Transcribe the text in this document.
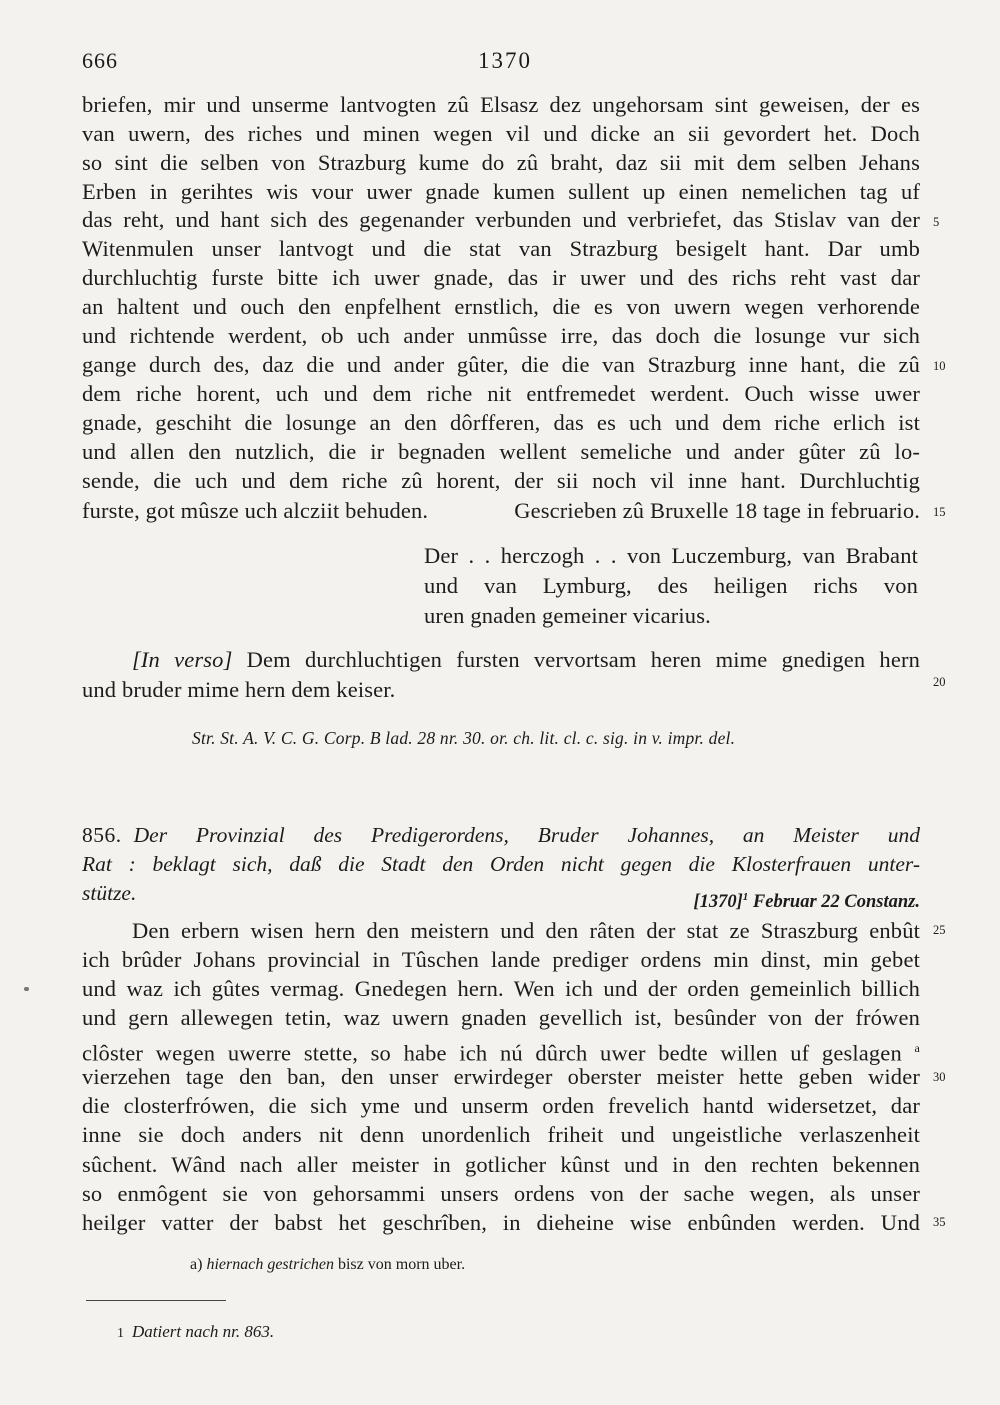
666	1370
briefen, mir und unserme lantvogten zû Elsasz dez ungehorsam sint geweisen, der es
van uwern, des riches und minen wegen vil und dicke an sii gevordert het. Doch
so sint die selben von Strazburg kume do zû braht, daz sii mit dem selben Jehans
Erben in gerihtes wis vour uwer gnade kumen sullent up einen nemelichen tag uf
das reht, und hant sich des gegenander verbunden und verbriefet, das Stislav van der
Witenmulen unser lantvogt und die stat van Strazburg besigelt hant. Dar umb
durchluchtig furste bitte ich uwer gnade, das ir uwer und des richs reht vast dar
an haltent und ouch den enpfelhent ernstlich, die es von uwern wegen verhorende
und richtende werdent, ob uch ander unmûsse irre, das doch die losunge vur sich
gange durch des, daz die und ander gûter, die die van Strazburg inne hant, die zû
dem riche horent, uch und dem riche nit entfremedet werdent. Ouch wisse uwer
gnade, geschiht die losunge an den dôrfferen, das es uch und dem riche erlich ist
und allen den nutzlich, die ir begnaden wellent semeliche und ander gûter zû lo-
sende, die uch und dem riche zû horent, der sii noch vil inne hant. Durchluchtig
furste, got mûsze uch alcziit behuden.	Gescrieben zû Bruxelle 18 tage in februario.
Der . . herczogh . . von Luczemburg, van Brabant
und van Lymburg, des heiligen richs von
uren gnaden gemeiner vicarius.
[In verso] Dem durchluchtigen fursten vervortsam heren mime gnedigen hern
und bruder mime hern dem keiser.
Str. St. A. V. C. G. Corp. B lad. 28 nr. 30. or. ch. lit. cl. c. sig. in v. impr. del.
856. Der Provinzial des Predigerordens, Bruder Johannes, an Meister und
Rat : beklagt sich, daß die Stadt den Orden nicht gegen die Klosterfrauen unter-
stütze.	$[1370]^1$ Februar 22 Constanz.
Den erbern wisen hern den meistern und den râten der stat ze Straszburg enbût
ich brûder Johans provincial in Tûschen lande prediger ordens min dinst, min gebet
und waz ich gûtes vermag. Gnedegen hern. Wen ich und der orden gemeinlich billich
und gern allewegen tetin, waz uwern gnaden gevellich ist, besûnder von der frówen
clôster wegen uwerre stette, so habe ich nú dûrch uwer bedte willen uf geslagen $^a$
vierzehen tage den ban, den unser erwirdeger oberster meister hette geben wider
die closterfrówen, die sich yme und unserm orden frevelich hantd widersetzet, dar
inne sie doch anders nit denn unordenlich friheit und ungeistliche verlaszenheit
sûchent. Wând nach aller meister in gotlicher kûnst und in den rechten bekennen
so enmôgent sie von gehorsammi unsers ordens von der sache wegen, als unser
heilger vatter der babst het geschrîben, in dieheine wise enbûnden werden. Und
5
10
15
20
25
30
35
a) hiernach gestrichen bisz von morn uber.
1 Datiert nach nr. 863.
